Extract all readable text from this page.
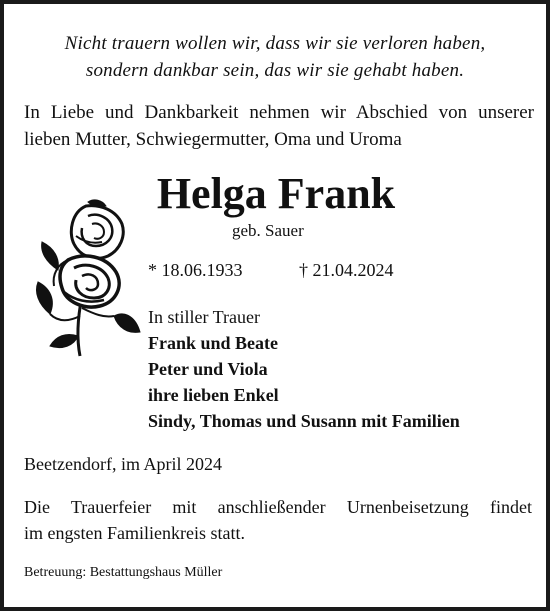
Nicht trauern wollen wir, dass wir sie verloren haben,
sondern dankbar sein, das wir sie gehabt haben.
In Liebe und Dankbarkeit nehmen wir Abschied von unserer
lieben Mutter, Schwiegermutter, Oma und Uroma
Helga Frank
geb. Sauer
* 18.06.1933	† 21.04.2024
In stiller Trauer
Frank und Beate
Peter und Viola
ihre lieben Enkel
Sindy, Thomas und Susann mit Familien
Beetzendorf, im April 2024
Die Trauerfeier mit anschließender Urnenbeisetzung findet
im engsten Familienkreis statt.
Betreuung: Bestattungshaus Müller
